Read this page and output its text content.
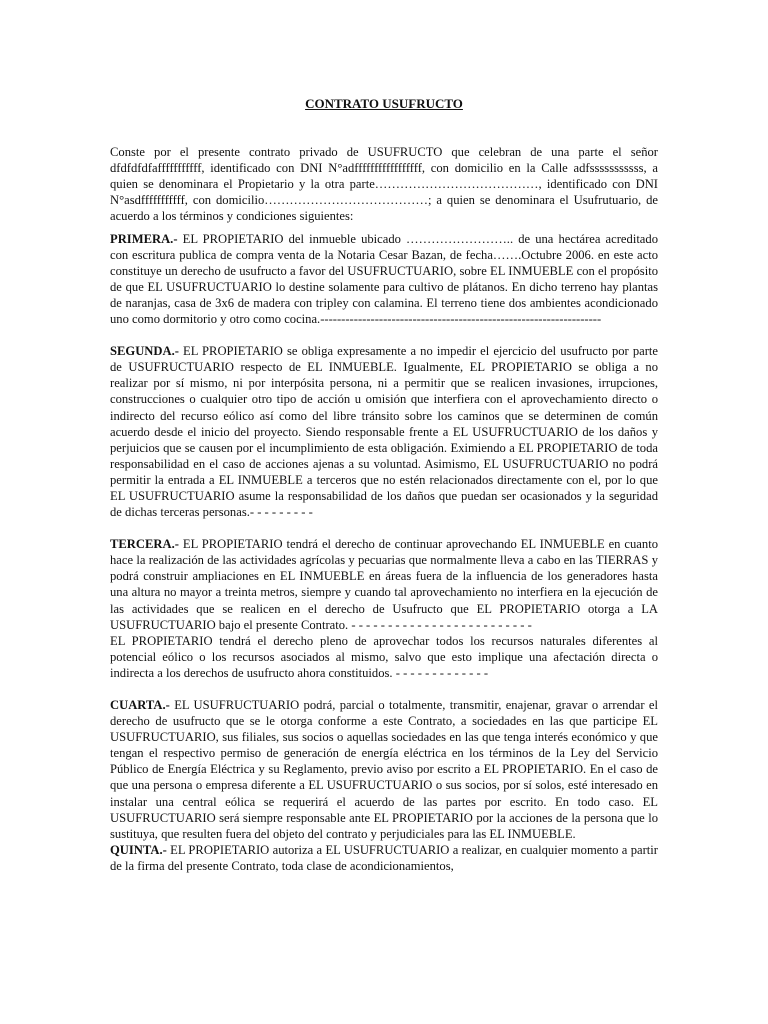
CONTRATO USUFRUCTO

Conste por el presente contrato privado de USUFRUCTO que celebran de una parte el señor dfdfdfdfafffffffffff, identificado con DNI N°adfffffffffffffffff, con domicilio en la Calle adfsssssssssss, a quien se denominara el Propietario y la otra parte…………………………………, identificado con DNI N°asdfffffffffff, con domicilio…………………………………; a quien se denominara el Usufrutuario, de acuerdo a los términos y condiciones siguientes:

PRIMERA.- EL PROPIETARIO del inmueble ubicado …………………….. de una hectárea acreditado con escritura publica de compra venta de la Notaria Cesar Bazan, de fecha…….Octubre 2006. en este acto constituye un derecho de usufructo a favor del USUFRUCTUARIO, sobre EL INMUEBLE con el propósito de que EL USUFRUCTUARIO lo destine solamente para cultivo de plátanos. En dicho terreno hay plantas de naranjas, casa de 3x6 de madera con tripley con calamina. El terreno tiene dos ambientes acondicionado uno como dormitorio y otro como cocina.-------------------------------------------------------------------

SEGUNDA.- EL PROPIETARIO se obliga expresamente a no impedir el ejercicio del usufructo por parte de USUFRUCTUARIO respecto de EL INMUEBLE. Igualmente, EL PROPIETARIO se obliga a no realizar por sí mismo, ni por interpósita persona, ni a permitir que se realicen invasiones, irrupciones, construcciones o cualquier otro tipo de acción u omisión que interfiera con el aprovechamiento directo o indirecto del recurso eólico así como del libre tránsito sobre los caminos que se determinen de común acuerdo desde el inicio del proyecto. Siendo responsable frente a EL USUFRUCTUARIO de los daños y perjuicios que se causen por el incumplimiento de esta obligación. Eximiendo a EL PROPIETARIO de toda responsabilidad en el caso de acciones ajenas a su voluntad. Asimismo, EL USUFRUCTUARIO no podrá permitir la entrada a EL INMUEBLE a terceros que no estén relacionados directamente con el, por lo que EL USUFRUCTUARIO asume la responsabilidad de los daños que puedan ser ocasionados y la seguridad de dichas terceras personas.- - - - - - - - -

TERCERA.- EL PROPIETARIO tendrá el derecho de continuar aprovechando EL INMUEBLE en cuanto hace la realización de las actividades agrícolas y pecuarias que normalmente lleva a cabo en las TIERRAS y podrá construir ampliaciones en EL INMUEBLE en áreas fuera de la influencia de los generadores hasta una altura no mayor a treinta metros, siempre y cuando tal aprovechamiento no interfiera en la ejecución de las actividades que se realicen en el derecho de Usufructo que EL PROPIETARIO otorga a LA USUFRUCTUARIO bajo el presente Contrato. - - - - - - - - - - - - - - - - - - - - - - - - -

EL PROPIETARIO tendrá el derecho pleno de aprovechar todos los recursos naturales diferentes al potencial eólico o los recursos asociados al mismo, salvo que esto implique una afectación directa o indirecta a los derechos de usufructo ahora constituidos. - - - - - - - - - - - - -

CUARTA.- EL USUFRUCTUARIO podrá, parcial o totalmente, transmitir, enajenar, gravar o arrendar el derecho de usufructo que se le otorga conforme a este Contrato, a sociedades en las que participe EL USUFRUCTUARIO, sus filiales, sus socios o aquellas sociedades en las que tenga interés económico y que tengan el respectivo permiso de generación de energía eléctrica en los términos de la Ley del Servicio Público de Energía Eléctrica y su Reglamento, previo aviso por escrito a EL PROPIETARIO. En el caso de que una persona o empresa diferente a EL USUFRUCTUARIO o sus socios, por sí solos, esté interesado en instalar una central eólica se requerirá el acuerdo de las partes por escrito. En todo caso. EL USUFRUCTUARIO será siempre responsable ante EL PROPIETARIO por la acciones de la persona que lo sustituya, que resulten fuera del objeto del contrato y perjudiciales para las EL INMUEBLE.

QUINTA.- EL PROPIETARIO autoriza a EL USUFRUCTUARIO a realizar, en cualquier momento a partir de la firma del presente Contrato, toda clase de acondicionamientos,
